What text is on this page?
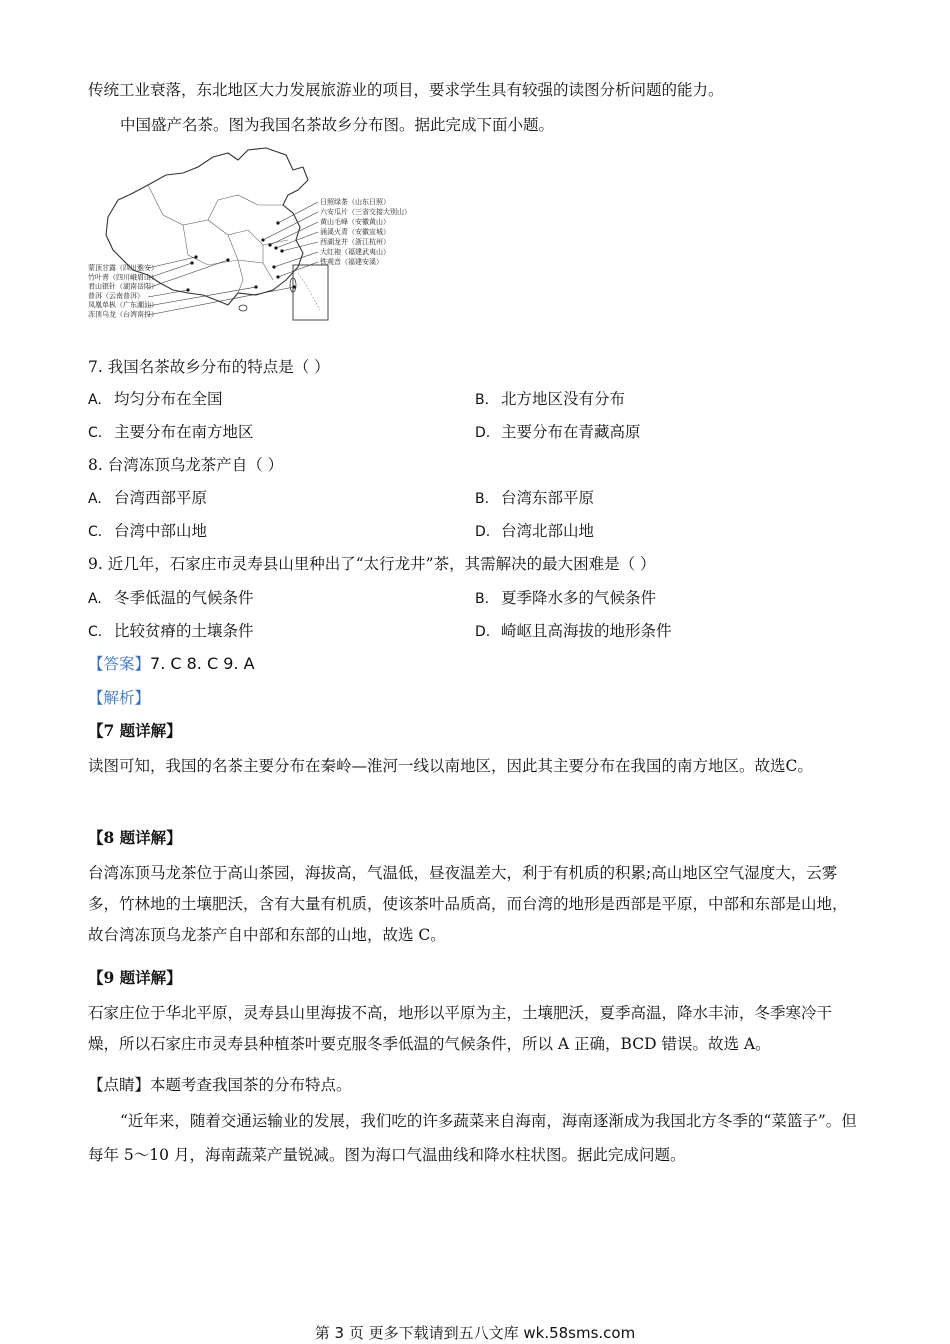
传统工业衰落，东北地区大力发展旅游业的项目，要求学生具有较强的读图分析问题的能力。
中国盛产名茶。图为我国名茶故乡分布图。据此完成下面小题。
日照绿茶（山东日照）
六安瓜片（三省交接大别山）
黄山毛峰（安徽黄山）
涌溪火青（安徽宣城）
西湖龙井（浙江杭州）
大红袍（福建武夷山）
铁观音（福建安溪）
蒙顶甘露（四川雅安）
竹叶青（四川峨眉山）
君山银针（湖南岳阳）
普洱（云南普洱）
凤凰单枞（广东潮汕）
冻顶乌龙（台湾南投）
7. 我国名茶故乡分布的特点是（ ）
A. 均匀分布在全国	B. 北方地区没有分布
C. 主要分布在南方地区	D. 主要分布在青藏高原
8. 台湾冻顶乌龙茶产自（ ）
A. 台湾西部平原	B. 台湾东部平原
C. 台湾中部山地	D. 台湾北部山地
9. 近几年，石家庄市灵寿县山里种出了“太行龙井”茶，其需解决的最大困难是（ ）
A. 冬季低温的气候条件	B. 夏季降水多的气候条件
C. 比较贫瘠的土壤条件	D. 崎岖且高海拔的地形条件
【答案】7. C 8. C 9. A
【解析】
【7 题详解】
读图可知，我国的名茶主要分布在秦岭—淮河一线以南地区，因此其主要分布在我国的南方地区。故选C。
【8 题详解】
台湾冻顶马龙茶位于高山茶园，海拔高，气温低，昼夜温差大，利于有机质的积累;高山地区空气湿度大，云雾多，竹林地的土壤肥沃，含有大量有机质，使该茶叶品质高，而台湾的地形是西部是平原，中部和东部是山地，故台湾冻顶乌龙茶产自中部和东部的山地，故选 C。
【9 题详解】
石家庄位于华北平原，灵寿县山里海拔不高，地形以平原为主，土壤肥沃，夏季高温，降水丰沛，冬季寒冷干燥，所以石家庄市灵寿县种植茶叶要克服冬季低温的气候条件，所以 A 正确，BCD 错误。故选 A。
【点睛】本题考查我国茶的分布特点。
“近年来，随着交通运输业的发展，我们吃的许多蔬菜来自海南，海南逐渐成为我国北方冬季的“菜篮子”。但每年 5～10 月，海南蔬菜产量锐减。图为海口气温曲线和降水柱状图。据此完成问题。
第 3 页 更多下载请到五八文库 wk.58sms.com
